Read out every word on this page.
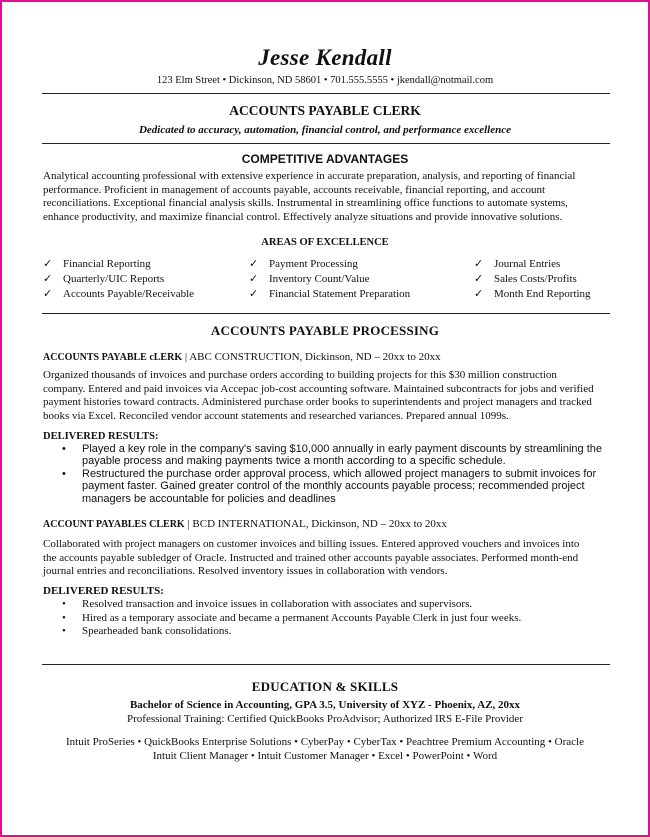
Jesse Kendall
123 Elm Street • Dickinson, ND 58601 • 701.555.5555 • jkendall@notmail.com
ACCOUNTS PAYABLE CLERK
Dedicated to accuracy, automation, financial control, and performance excellence
COMPETITIVE ADVANTAGES
Analytical accounting professional with extensive experience in accurate preparation, analysis, and reporting of financial
performance. Proficient in management of accounts payable, accounts receivable, financial reporting, and account
reconciliations. Exceptional financial analysis skills. Instrumental in streamlining office functions to automate systems,
enhance productivity, and maximize financial control. Effectively analyze situations and provide innovative solutions.
AREAS OF EXCELLENCE
✓ Financial Reporting
✓ Quarterly/UIC Reports
✓ Accounts Payable/Receivable
✓ Payment Processing
✓ Inventory Count/Value
✓ Financial Statement Preparation
✓ Journal Entries
✓ Sales Costs/Profits
✓ Month End Reporting
ACCOUNTS PAYABLE PROCESSING
ACCOUNTS PAYABLE cLERK | ABC CONSTRUCTION, Dickinson, ND – 20xx to 20xx
Organized thousands of invoices and purchase orders according to building projects for this $30 million construction
company. Entered and paid invoices via Accepac job-cost accounting software. Maintained subcontracts for jobs and verified
payment histories toward contracts. Administered purchase order books to superintendents and project managers and tracked
books via Excel. Reconciled vendor account statements and researched variances. Prepared annual 1099s.
DELIVERED RESULTS:
• Played a key role in the company's saving $10,000 annually in early payment discounts by streamlining the
payable process and making payments twice a month according to a specific schedule.
• Restructured the purchase order approval process, which allowed project managers to submit invoices for
payment faster. Gained greater control of the monthly accounts payable process; recommended project
managers be accountable for policies and deadlines
ACCOUNT PAYABLES CLERK | BCD INTERNATIONAL, Dickinson, ND – 20xx to 20xx
Collaborated with project managers on customer invoices and billing issues. Entered approved vouchers and invoices into
the accounts payable subledger of Oracle. Instructed and trained other accounts payable associates. Performed month-end
journal entries and reconciliations. Resolved inventory issues in collaboration with vendors.
DELIVERED RESULTS:
• Resolved transaction and invoice issues in collaboration with associates and supervisors.
• Hired as a temporary associate and became a permanent Accounts Payable Clerk in just four weeks.
• Spearheaded bank consolidations.
EDUCATION & SKILLS
Bachelor of Science in Accounting, GPA 3.5, University of XYZ - Phoenix, AZ, 20xx
Professional Training: Certified QuickBooks ProAdvisor; Authorized IRS E-File Provider
Intuit ProSeries • QuickBooks Enterprise Solutions • CyberPay • CyberTax • Peachtree Premium Accounting • Oracle
Intuit Client Manager • Intuit Customer Manager • Excel • PowerPoint • Word
